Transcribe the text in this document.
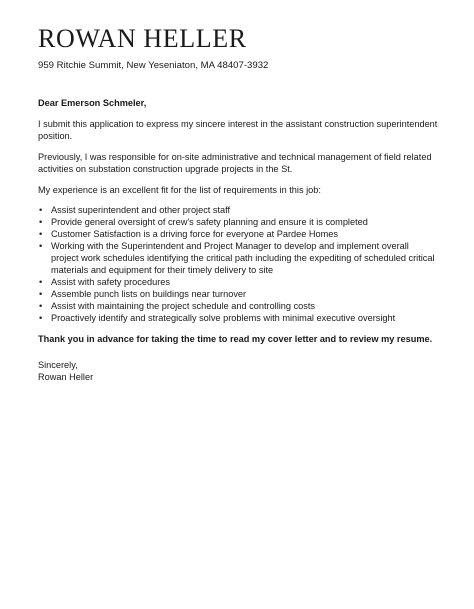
ROWAN HELLER
959 Ritchie Summit, New Yeseniaton, MA 48407-3932

Dear Emerson Schmeler,

I submit this application to express my sincere interest in the assistant construction superintendent position.

Previously, I was responsible for on-site administrative and technical management of field related activities on substation construction upgrade projects in the St.

My experience is an excellent fit for the list of requirements in this job:

• Assist superintendent and other project staff
• Provide general oversight of crew's safety planning and ensure it is completed
• Customer Satisfaction is a driving force for everyone at Pardee Homes
• Working with the Superintendent and Project Manager to develop and implement overall project work schedules identifying the critical path including the expediting of scheduled critical materials and equipment for their timely delivery to site
• Assist with safety procedures
• Assemble punch lists on buildings near turnover
• Assist with maintaining the project schedule and controlling costs
• Proactively identify and strategically solve problems with minimal executive oversight

Thank you in advance for taking the time to read my cover letter and to review my resume.

Sincerely,
Rowan Heller
